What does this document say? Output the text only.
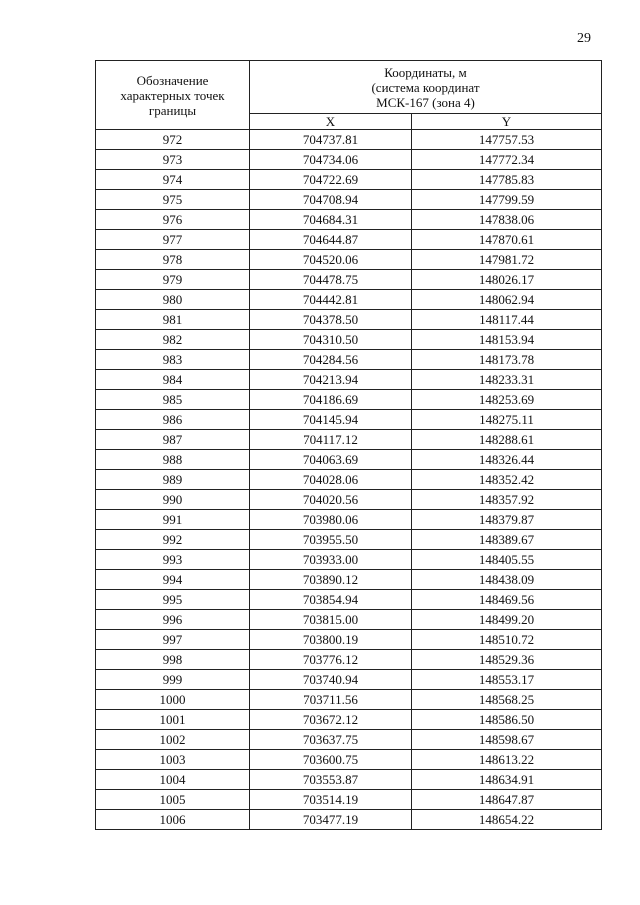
29
Обозначение
характерных точек
границы	Координаты, м
(система координат
МСК-167 (зона 4)	

	X	Y
972	704737.81	147757.53
973	704734.06	147772.34
974	704722.69	147785.83
975	704708.94	147799.59
976	704684.31	147838.06
977	704644.87	147870.61
978	704520.06	147981.72
979	704478.75	148026.17
980	704442.81	148062.94
981	704378.50	148117.44
982	704310.50	148153.94
983	704284.56	148173.78
984	704213.94	148233.31
985	704186.69	148253.69
986	704145.94	148275.11
987	704117.12	148288.61
988	704063.69	148326.44
989	704028.06	148352.42
990	704020.56	148357.92
991	703980.06	148379.87
992	703955.50	148389.67
993	703933.00	148405.55
994	703890.12	148438.09
995	703854.94	148469.56
996	703815.00	148499.20
997	703800.19	148510.72
998	703776.12	148529.36
999	703740.94	148553.17
1000	703711.56	148568.25
1001	703672.12	148586.50
1002	703637.75	148598.67
1003	703600.75	148613.22
1004	703553.87	148634.91
1005	703514.19	148647.87
1006	703477.19	148654.22
